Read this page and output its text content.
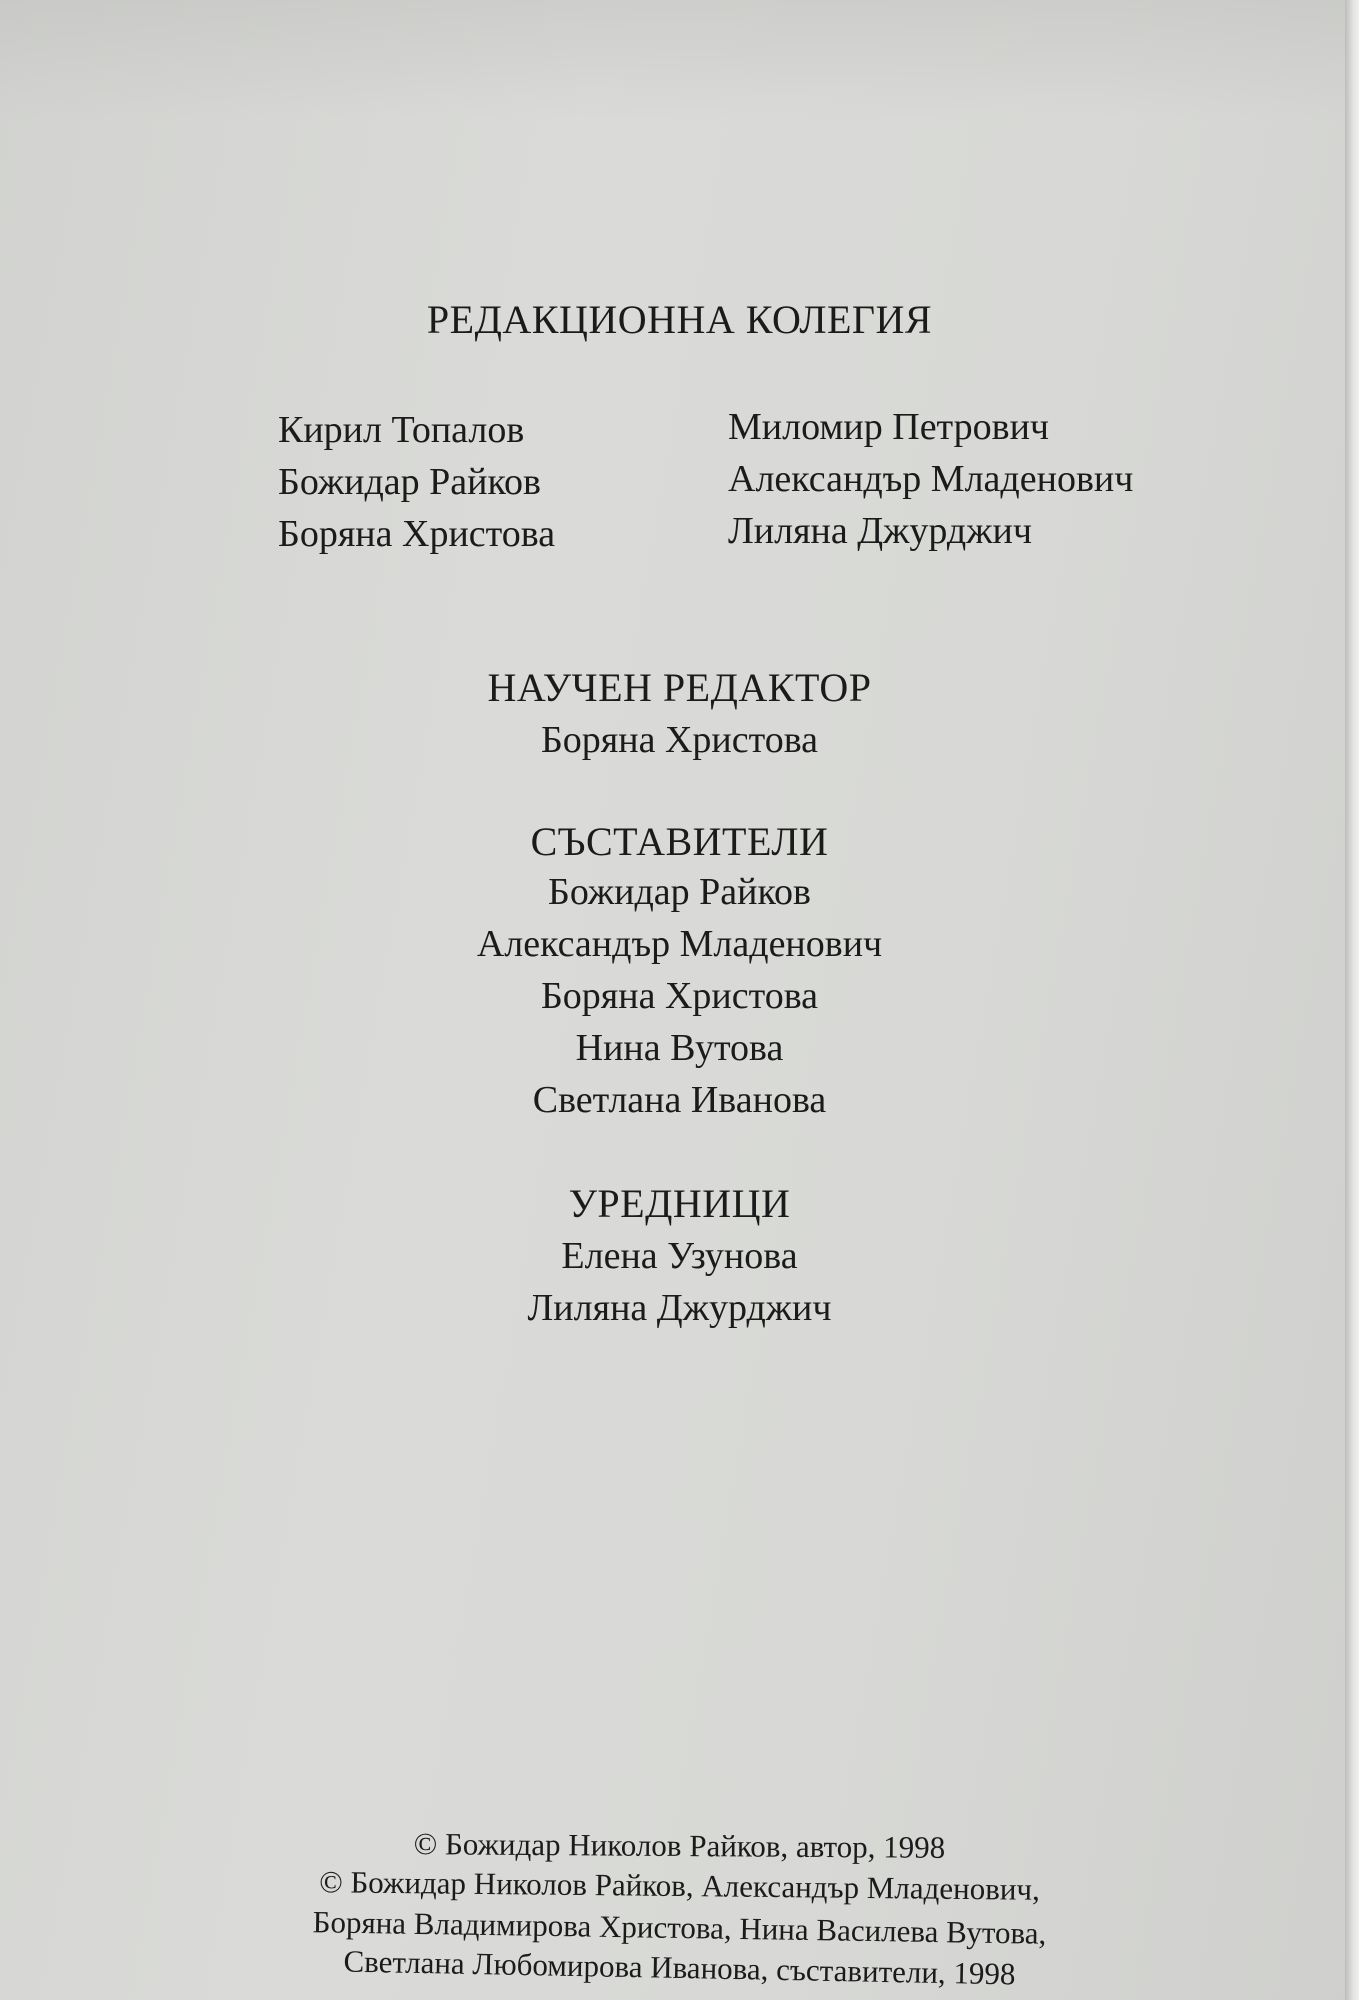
РЕДАКЦИОННА КОЛЕГИЯ
Кирил Топалов
Божидар Райков
Боряна Христова
Миломир Петрович
Александър Младенович
Лиляна Джурджич
НАУЧЕН РЕДАКТОР
Боряна Христова
СЪСТАВИТЕЛИ
Божидар Райков
Александър Младенович
Боряна Христова
Нина Вутова
Светлана Иванова
УРЕДНИЦИ
Елена Узунова
Лиляна Джурджич
© Божидар Николов Райков, автор, 1998
© Божидар Николов Райков, Александър Младенович,
Боряна Владимирова Христова, Нина Василева Вутова,
Светлана Любомирова Иванова, съставители, 1998
